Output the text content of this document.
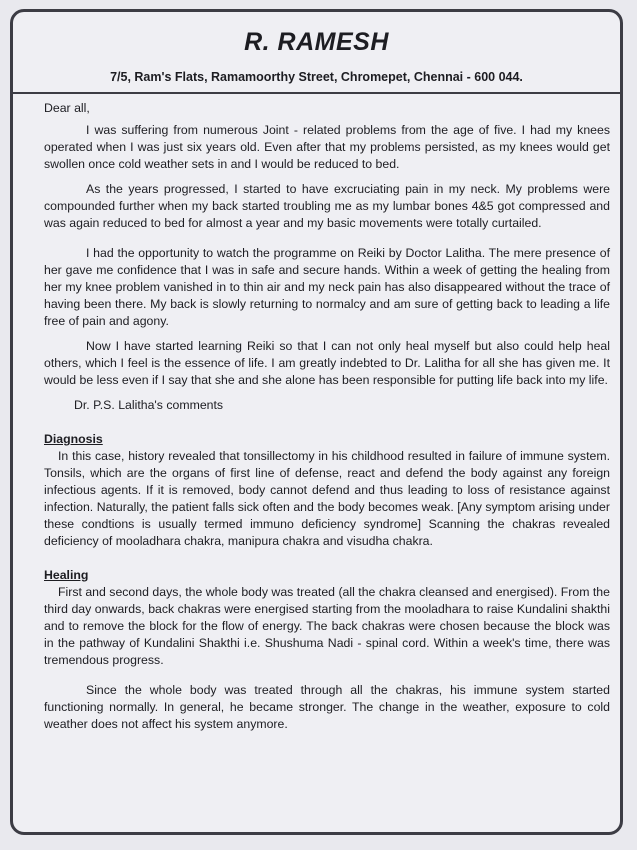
R. RAMESH
7/5, Ram's Flats, Ramamoorthy Street, Chromepet, Chennai - 600 044.

Dear all,

I was suffering from numerous Joint - related problems from the age of five. I had my knees operated when I was just six years old. Even after that my problems persisted, as my knees would get swollen once cold weather sets in and I would be reduced to bed.

As the years progressed, I started to have excruciating pain in my neck. My problems were compounded further when my back started troubling me as my lumbar bones 4&5 got compressed and was again reduced to bed for almost a year and my basic movements were totally curtailed.

I had the opportunity to watch the programme on Reiki by Doctor Lalitha. The mere presence of her gave me confidence that I was in safe and secure hands. Within a week of getting the healing from her my knee problem vanished in to thin air and my neck pain has also disappeared without the trace of having been there. My back is slowly returning to normalcy and am sure of getting back to leading a life free of pain and agony.

Now I have started learning Reiki so that I can not only heal myself but also could help heal others, which I feel is the essence of life. I am greatly indebted to Dr. Lalitha for all she has given me. It would be less even if I say that she and she alone has been responsible for putting life back into my life.

Dr. P.S. Lalitha's comments

Diagnosis

In this case, history revealed that tonsillectomy in his childhood resulted in failure of immune system. Tonsils, which are the organs of first line of defense, react and defend the body against any foreign infectious agents. If it is removed, body cannot defend and thus leading to loss of resistance against infection. Naturally, the patient falls sick often and the body becomes weak. [Any symptom arising under these condtions is usually termed immuno deficiency syndrome] Scanning the chakras revealed deficiency of mooladhara chakra, manipura chakra and visudha chakra.

Healing

First and second days, the whole body was treated (all the chakra cleansed and energised). From the third day onwards, back chakras were energised starting from the mooladhara to raise Kundalini shakthi and to remove the block for the flow of energy. The back chakras were chosen because the block was in the pathway of Kundalini Shakthi i.e. Shushuma Nadi - spinal cord. Within a week's time, there was tremendous progress.

Since the whole body was treated through all the chakras, his immune system started functioning normally. In general, he became stronger. The change in the weather, exposure to cold weather does not affect his system anymore.
